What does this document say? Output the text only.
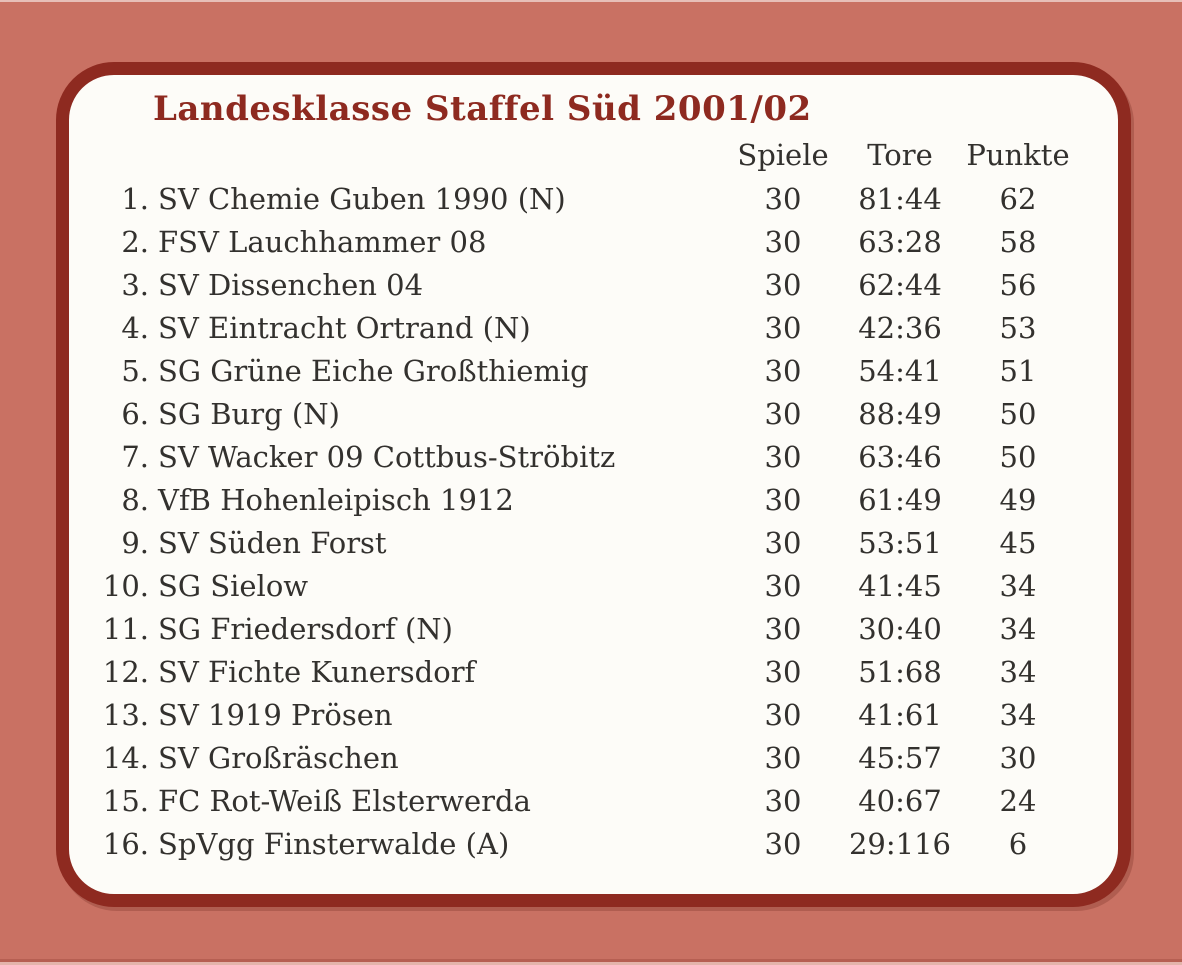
Landesklasse Staffel Süd 2001/02
Spiele	Tore	Punkte
1. SV Chemie Guben 1990 (N)	30	81:44	62
2. FSV Lauchhammer 08	30	63:28	58
3. SV Dissenchen 04	30	62:44	56
4. SV Eintracht Ortrand (N)	30	42:36	53
5. SG Grüne Eiche Großthiemig	30	54:41	51
6. SG Burg (N)	30	88:49	50
7. SV Wacker 09 Cottbus-Ströbitz	30	63:46	50
8. VfB Hohenleipisch 1912	30	61:49	49
9. SV Süden Forst	30	53:51	45
10. SG Sielow	30	41:45	34
11. SG Friedersdorf (N)	30	30:40	34
12. SV Fichte Kunersdorf	30	51:68	34
13. SV 1919 Prösen	30	41:61	34
14. SV Großräschen	30	45:57	30
15. FC Rot-Weiß Elsterwerda	30	40:67	24
16. SpVgg Finsterwalde (A)	30	29:116	6
